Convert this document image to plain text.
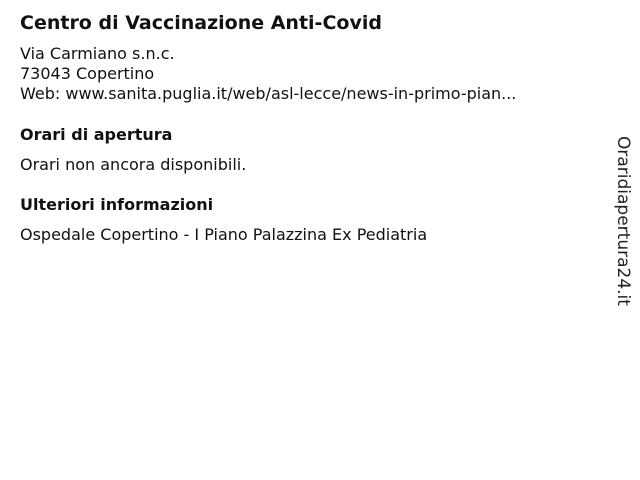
Centro di Vaccinazione Anti-Covid
Via Carmiano s.n.c.
73043 Copertino
Web: www.sanita.puglia.it/web/asl-lecce/news-in-primo-pian...
Orari di apertura
Orari non ancora disponibili.
Ulteriori informazioni
Ospedale Copertino - I Piano Palazzina Ex Pediatria	Oraridiapertura24.it
